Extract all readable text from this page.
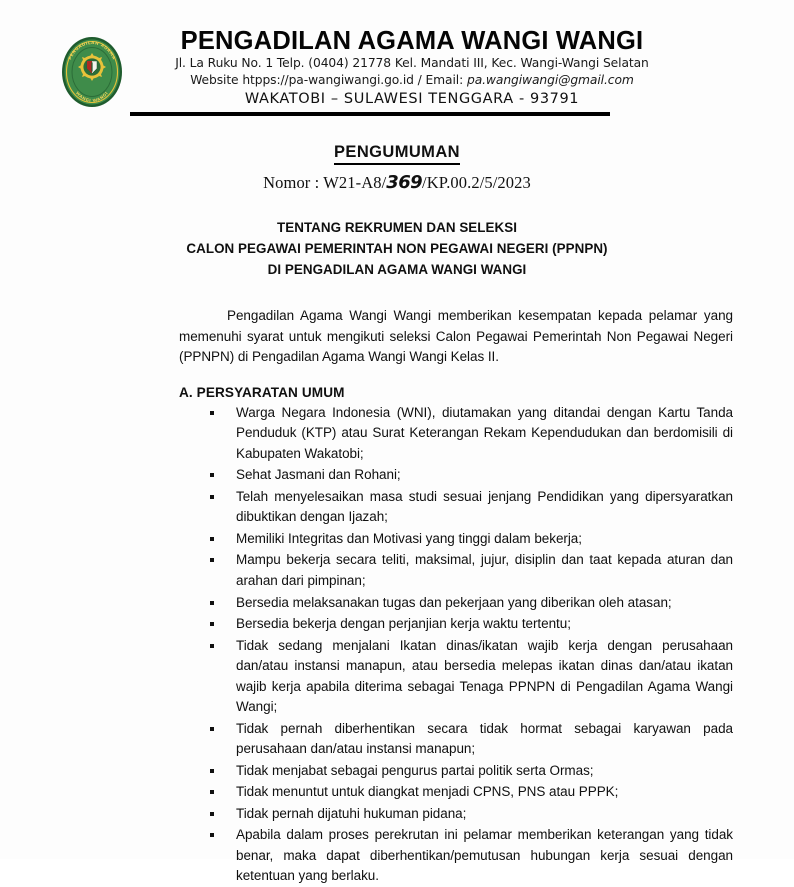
PENGADILAN AGAMA
WANGI WANGI
PENGADILAN AGAMA WANGI WANGI
Jl. La Ruku No. 1 Telp. (0404) 21778 Kel. Mandati III, Kec. Wangi-Wangi Selatan
Website htpps://pa-wangiwangi.go.id / Email: pa.wangiwangi@gmail.com
WAKATOBI – SULAWESI TENGGARA - 93791
PENGUMUMAN
Nomor : W21-A8/369/KP.00.2/5/2023
TENTANG REKRUMEN DAN SELEKSI
CALON PEGAWAI PEMERINTAH NON PEGAWAI NEGERI (PPNPN)
DI PENGADILAN AGAMA WANGI WANGI

Pengadilan Agama Wangi Wangi memberikan kesempatan kepada pelamar yang memenuhi syarat untuk mengikuti seleksi Calon Pegawai Pemerintah Non Pegawai Negeri (PPNPN) di Pengadilan Agama Wangi Wangi Kelas II.

A. PERSYARATAN UMUM
Warga Negara Indonesia (WNI), diutamakan yang ditandai dengan Kartu Tanda Penduduk (KTP) atau Surat Keterangan Rekam Kependudukan dan berdomisili di Kabupaten Wakatobi;
Sehat Jasmani dan Rohani;
Telah menyelesaikan masa studi sesuai jenjang Pendidikan yang dipersyaratkan dibuktikan dengan Ijazah;
Memiliki Integritas dan Motivasi yang tinggi dalam bekerja;
Mampu bekerja secara teliti, maksimal, jujur, disiplin dan taat kepada aturan dan arahan dari pimpinan;
Bersedia melaksanakan tugas dan pekerjaan yang diberikan oleh atasan;
Bersedia bekerja dengan perjanjian kerja waktu tertentu;
Tidak sedang menjalani Ikatan dinas/ikatan wajib kerja dengan perusahaan dan/atau instansi manapun, atau bersedia melepas ikatan dinas dan/atau ikatan wajib kerja apabila diterima sebagai Tenaga PPNPN di Pengadilan Agama Wangi Wangi;
Tidak pernah diberhentikan secara tidak hormat sebagai karyawan pada perusahaan dan/atau instansi manapun;
Tidak menjabat sebagai pengurus partai politik serta Ormas;
Tidak menuntut untuk diangkat menjadi CPNS, PNS atau PPPK;
Tidak pernah dijatuhi hukuman pidana;
Apabila dalam proses perekrutan ini pelamar memberikan keterangan yang tidak benar, maka dapat diberhentikan/pemutusan hubungan kerja sesuai dengan ketentuan yang berlaku.
